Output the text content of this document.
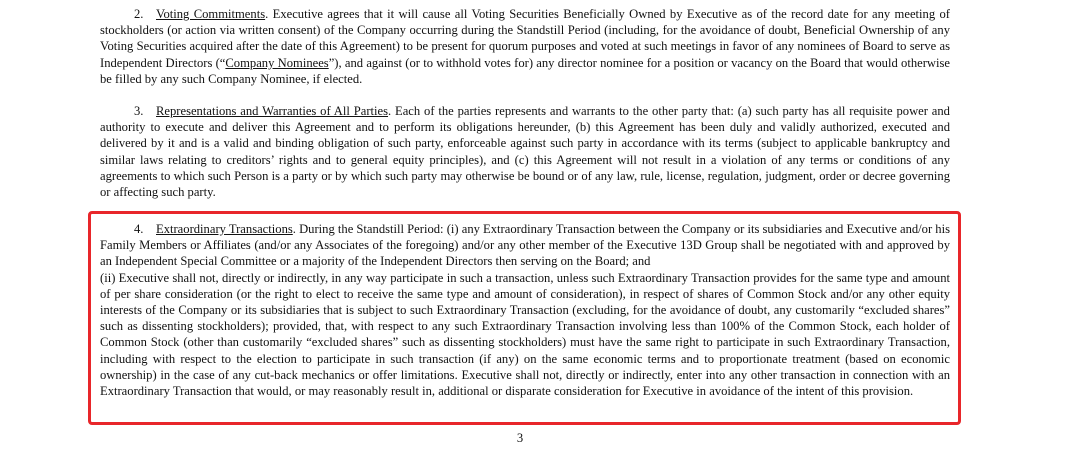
2. Voting Commitments. Executive agrees that it will cause all Voting Securities Beneficially Owned by Executive as of the record date for any meeting of stockholders (or action via written consent) of the Company occurring during the Standstill Period (including, for the avoidance of doubt, Beneficial Ownership of any Voting Securities acquired after the date of this Agreement) to be present for quorum purposes and voted at such meetings in favor of any nominees of Board to serve as Independent Directors (“Company Nominees”), and against (or to withhold votes for) any director nominee for a position or vacancy on the Board that would otherwise be filled by any such Company Nominee, if elected.

3. Representations and Warranties of All Parties. Each of the parties represents and warrants to the other party that: (a) such party has all requisite power and authority to execute and deliver this Agreement and to perform its obligations hereunder, (b) this Agreement has been duly and validly authorized, executed and delivered by it and is a valid and binding obligation of such party, enforceable against such party in accordance with its terms (subject to applicable bankruptcy and similar laws relating to creditors’ rights and to general equity principles), and (c) this Agreement will not result in a violation of any terms or conditions of any agreements to which such Person is a party or by which such party may otherwise be bound or of any law, rule, license, regulation, judgment, order or decree governing or affecting such party.

4. Extraordinary Transactions. During the Standstill Period: (i) any Extraordinary Transaction between the Company or its subsidiaries and Executive and/or his Family Members or Affiliates (and/or any Associates of the foregoing) and/or any other member of the Executive 13D Group shall be negotiated with and approved by an Independent Special Committee or a majority of the Independent Directors then serving on the Board; and

(ii) Executive shall not, directly or indirectly, in any way participate in such a transaction, unless such Extraordinary Transaction provides for the same type and amount of per share consideration (or the right to elect to receive the same type and amount of consideration), in respect of shares of Common Stock and/or any other equity interests of the Company or its subsidiaries that is subject to such Extraordinary Transaction (excluding, for the avoidance of doubt, any customarily “excluded shares” such as dissenting stockholders); provided, that, with respect to any such Extraordinary Transaction involving less than 100% of the Common Stock, each holder of Common Stock (other than customarily “excluded shares” such as dissenting stockholders) must have the same right to participate in such Extraordinary Transaction, including with respect to the election to participate in such transaction (if any) on the same economic terms and to proportionate treatment (based on economic ownership) in the case of any cut-back mechanics or offer limitations. Executive shall not, directly or indirectly, enter into any other transaction in connection with an Extraordinary Transaction that would, or may reasonably result in, additional or disparate consideration for Executive in avoidance of the intent of this provision.

3
